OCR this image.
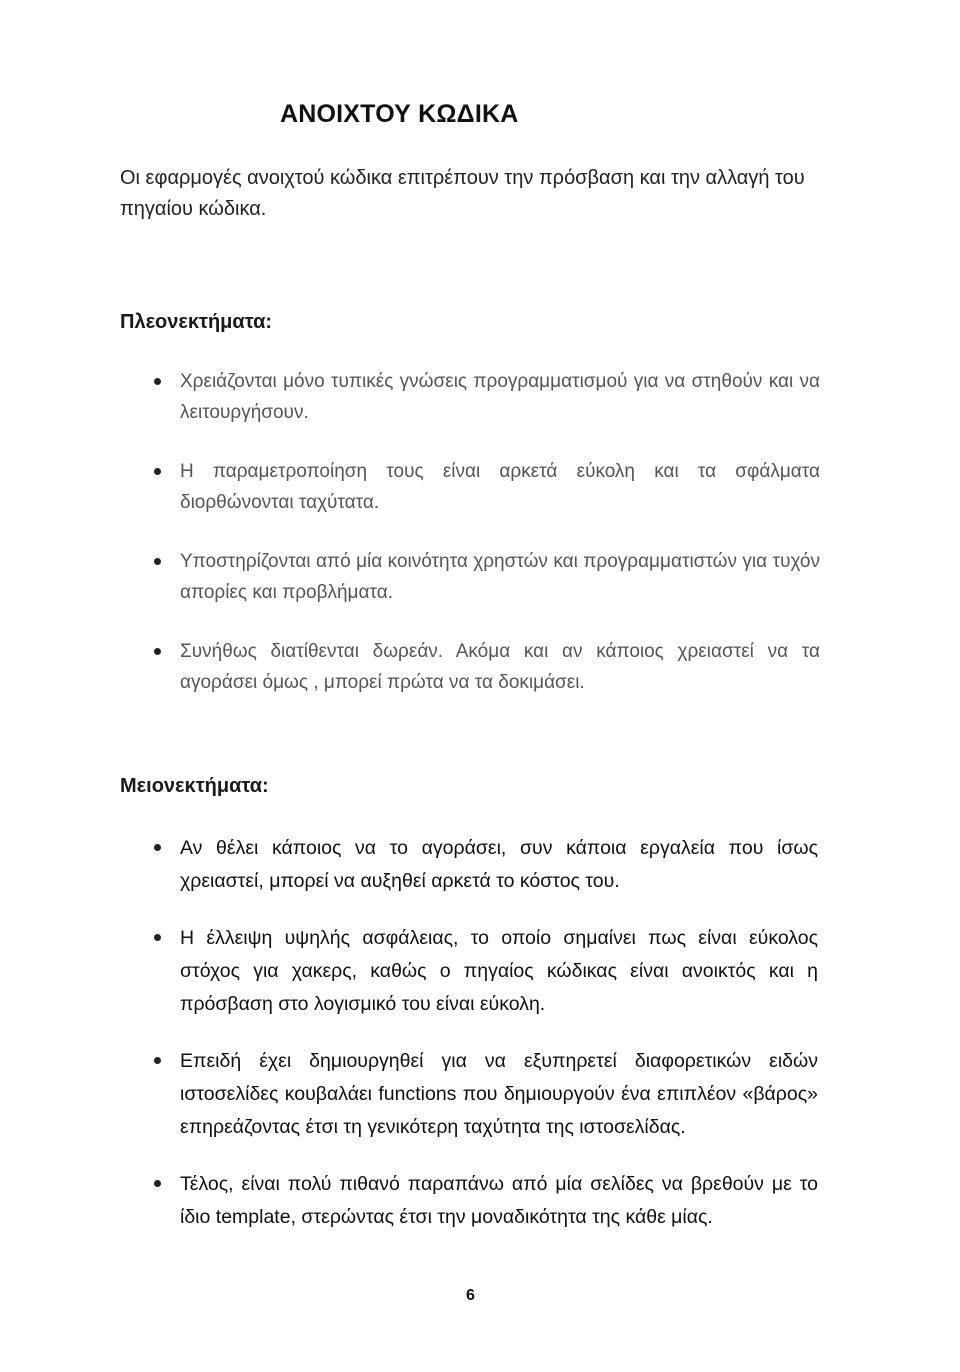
ΑΝΟΙΧΤΟΥ ΚΩΔΙΚΑ
Οι εφαρμογές ανοιχτού κώδικα επιτρέπουν την πρόσβαση και την αλλαγή του πηγαίου κώδικα.
Πλεονεκτήματα:
Χρειάζονται μόνο τυπικές γνώσεις προγραμματισμού για να στηθούν και να λειτουργήσουν.
Η παραμετροποίηση τους είναι αρκετά εύκολη και τα σφάλματα διορθώνονται ταχύτατα.
Υποστηρίζονται από μία κοινότητα χρηστών και προγραμματιστών για τυχόν απορίες και προβλήματα.
Συνήθως διατίθενται δωρεάν. Ακόμα και αν κάποιος χρειαστεί να τα αγοράσει όμως , μπορεί πρώτα να τα δοκιμάσει.
Μειονεκτήματα:
Αν θέλει κάποιος να το αγοράσει, συν κάποια εργαλεία που ίσως χρειαστεί, μπορεί να αυξηθεί αρκετά το κόστος του.
Η έλλειψη υψηλής ασφάλειας, το οποίο σημαίνει πως είναι εύκολος στόχος για χακερς, καθώς ο πηγαίος κώδικας είναι ανοικτός και η πρόσβαση στο λογισμικό του είναι εύκολη.
Επειδή έχει δημιουργηθεί για να εξυπηρετεί διαφορετικών ειδών ιστοσελίδες κουβαλάει functions που δημιουργούν ένα επιπλέον «βάρος» επηρεάζοντας έτσι τη γενικότερη ταχύτητα της ιστοσελίδας.
Τέλος, είναι πολύ πιθανό παραπάνω από μία σελίδες να βρεθούν με το ίδιο template, στερώντας έτσι την μοναδικότητα της κάθε μίας.
6
